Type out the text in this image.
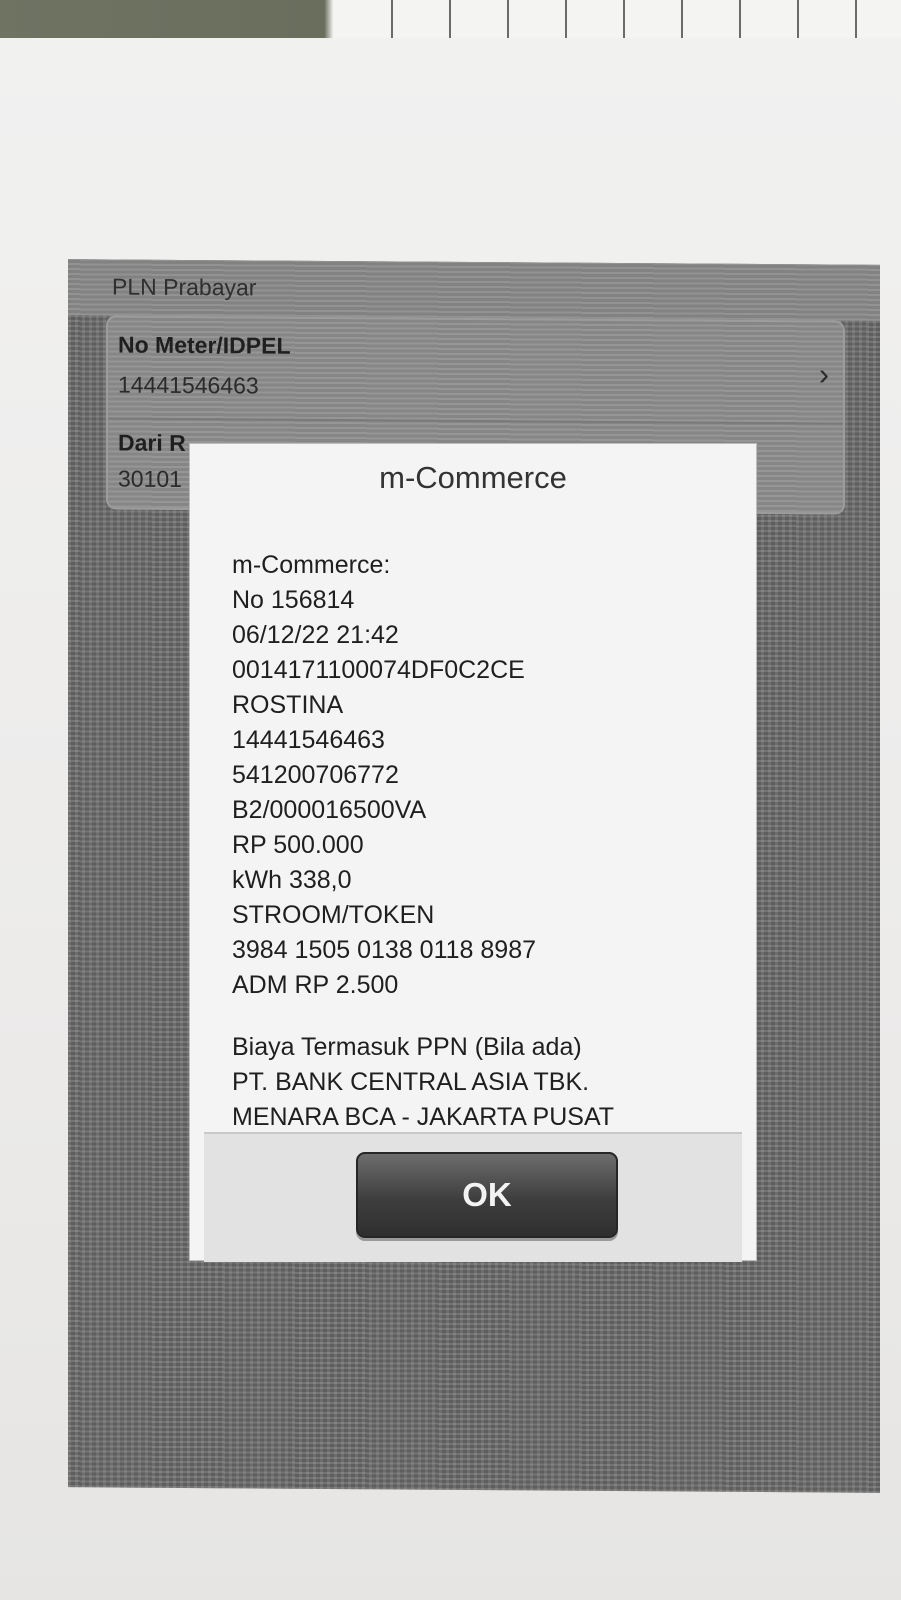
PLN Prabayar
No Meter/IDPEL
14441546463	›
Dari R
30101	m-Commerce
m-Commerce:
No 156814
06/12/22 21:42
0014171100074DF0C2CE
ROSTINA
14441546463
541200706772
B2/000016500VA
RP 500.000
kWh 338,0
STROOM/TOKEN
3984 1505 0138 0118 8987
ADM RP 2.500
Biaya Termasuk PPN (Bila ada)
PT. BANK CENTRAL ASIA TBK.
MENARA BCA - JAKARTA PUSAT
OK
